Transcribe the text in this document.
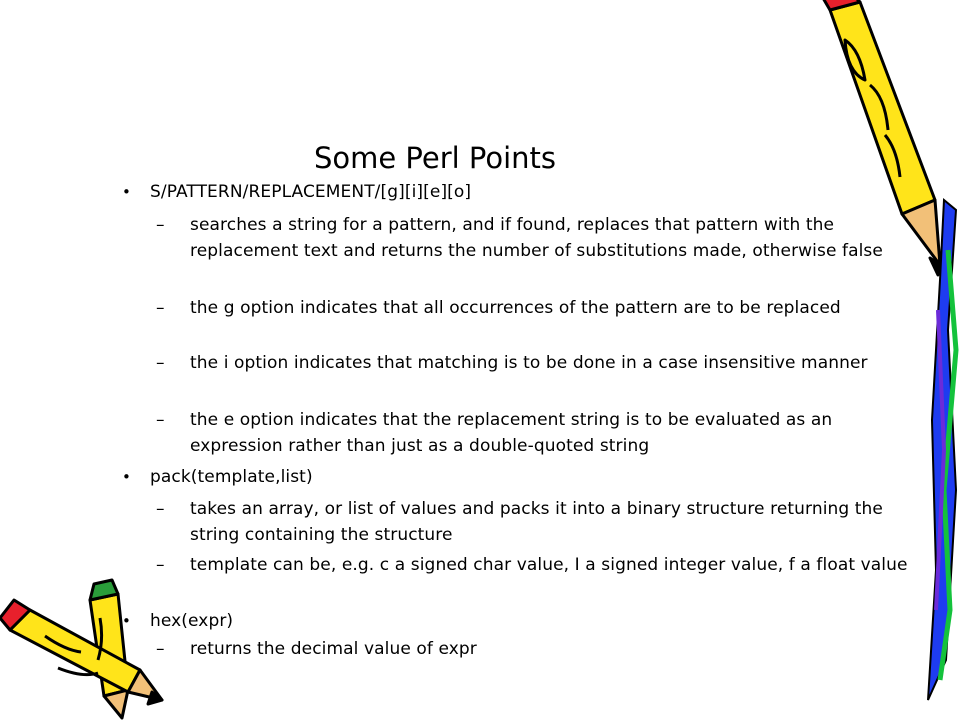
Some Perl Points
• S/PATTERN/REPLACEMENT/[g][i][e][o]
– searches a string for a pattern, and if found, replaces that pattern with the replacement text and returns the number of substitutions made, otherwise false
– the g option indicates that all occurrences of the pattern are to be replaced
– the i option indicates that matching is to be done in a case insensitive manner
– the e option indicates that the replacement string is to be evaluated as an expression rather than just as a double-quoted string
• pack(template,list)
– takes an array, or list of values and packs it into a binary structure returning the string containing the structure
– template can be, e.g. c a signed char value, I a signed integer value, f a float value
• hex(expr)
– returns the decimal value of expr
